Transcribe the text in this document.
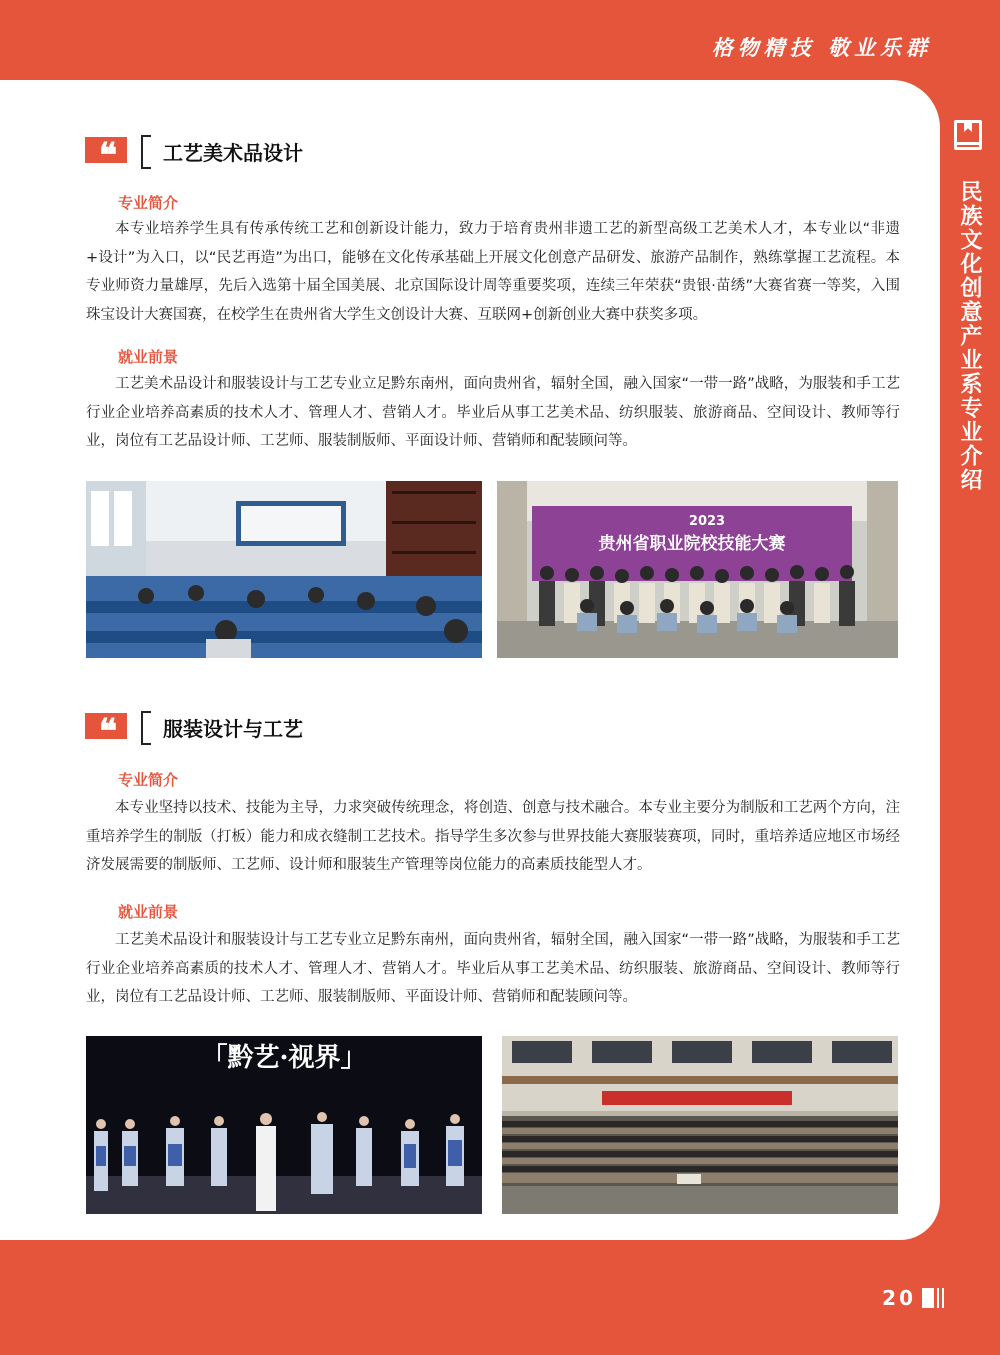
格物精技 敬业乐群
民族文化创意产业系专业介绍
❝	工艺美术品设计
专业简介
本专业培养学生具有传承传统工艺和创新设计能力，致力于培育贵州非遗工艺的新型高级工艺美术人才，本专业以“非遗+设计”为入口，以“民艺再造”为出口，能够在文化传承基础上开展文化创意产品研发、旅游产品制作，熟练掌握工艺流程。本专业师资力量雄厚，先后入选第十届全国美展、北京国际设计周等重要奖项，连续三年荣获“贵银·苗绣”大赛省赛一等奖，入围珠宝设计大赛国赛，在校学生在贵州省大学生文创设计大赛、互联网+创新创业大赛中获奖多项。
就业前景
工艺美术品设计和服装设计与工艺专业立足黔东南州，面向贵州省，辐射全国，融入国家“一带一路”战略，为服装和手工艺行业企业培养高素质的技术人才、管理人才、营销人才。毕业后从事工艺美术品、纺织服装、旅游商品、空间设计、教师等行业，岗位有工艺品设计师、工艺师、服装制版师、平面设计师、营销师和配装顾问等。
2023
贵州省职业院校技能大赛
❝	服装设计与工艺
专业简介
本专业坚持以技术、技能为主导，力求突破传统理念，将创造、创意与技术融合。本专业主要分为制版和工艺两个方向，注重培养学生的制版（打板）能力和成衣缝制工艺技术。指导学生多次参与世界技能大赛服装赛项，同时，重培养适应地区市场经济发展需要的制版师、工艺师、设计师和服装生产管理等岗位能力的高素质技能型人才。
就业前景
工艺美术品设计和服装设计与工艺专业立足黔东南州，面向贵州省，辐射全国，融入国家“一带一路”战略，为服装和手工艺行业企业培养高素质的技术人才、管理人才、营销人才。毕业后从事工艺美术品、纺织服装、旅游商品、空间设计、教师等行业，岗位有工艺品设计师、工艺师、服装制版师、平面设计师、营销师和配装顾问等。
「黔艺·视界」
20
